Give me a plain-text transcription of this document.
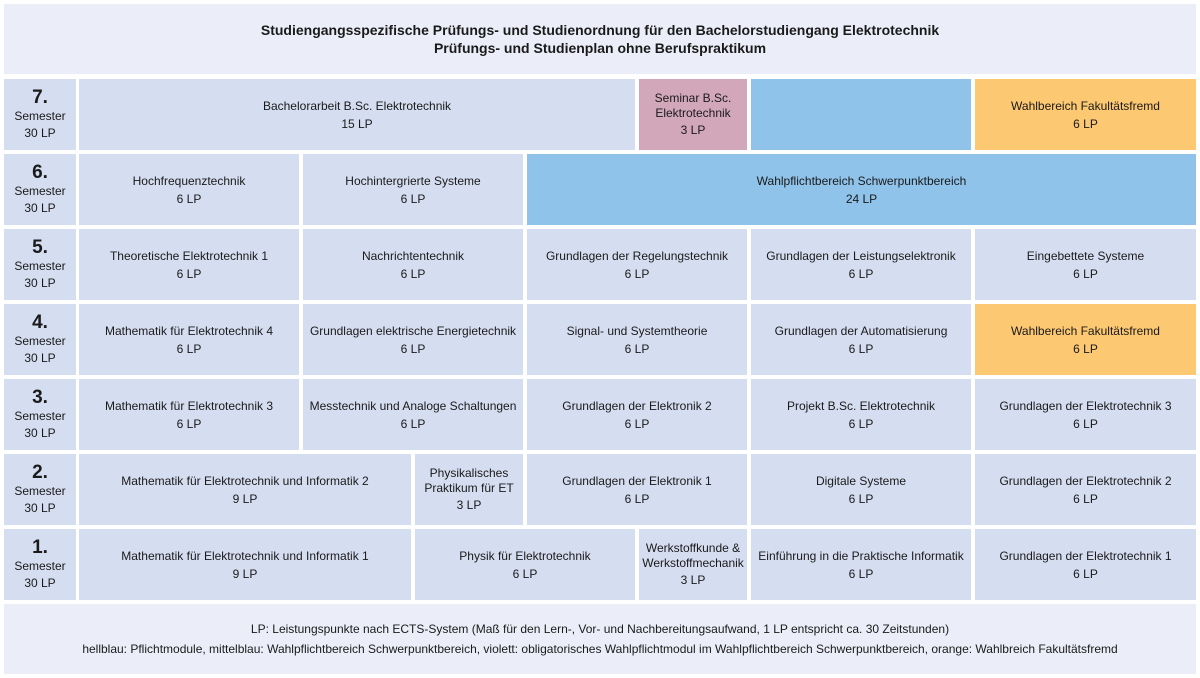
Studiengangsspezifische Prüfungs- und Studienordnung für den Bachelorstudiengang Elektrotechnik
Prüfungs- und Studienplan ohne Berufspraktikum
7.
Semester
30 LP
Bachelorarbeit B.Sc. Elektrotechnik
15 LP
Seminar B.Sc.
Elektrotechnik
3 LP
Wahlbereich Fakultätsfremd
6 LP
6.
Semester
30 LP
Hochfrequenztechnik
6 LP
Hochintergrierte Systeme
6 LP
Wahlpflichtbereich Schwerpunktbereich
24 LP
5.
Semester
30 LP
Theoretische Elektrotechnik 1
6 LP
Nachrichtentechnik
6 LP
Grundlagen der Regelungstechnik
6 LP
Grundlagen der Leistungselektronik
6 LP
Eingebettete Systeme
6 LP
4.
Semester
30 LP
Mathematik für Elektrotechnik 4
6 LP
Grundlagen elektrische Energietechnik
6 LP
Signal- und Systemtheorie
6 LP
Grundlagen der Automatisierung
6 LP
Wahlbereich Fakultätsfremd
6 LP
3.
Semester
30 LP
Mathematik für Elektrotechnik 3
6 LP
Messtechnik und Analoge Schaltungen
6 LP
Grundlagen der Elektronik 2
6 LP
Projekt B.Sc. Elektrotechnik
6 LP
Grundlagen der Elektrotechnik 3
6 LP
2.
Semester
30 LP
Mathematik für Elektrotechnik und Informatik 2
9 LP
Physikalisches
Praktikum für ET
3 LP
Grundlagen der Elektronik 1
6 LP
Digitale Systeme
6 LP
Grundlagen der Elektrotechnik 2
6 LP
1.
Semester
30 LP
Mathematik für Elektrotechnik und Informatik 1
9 LP
Physik für Elektrotechnik
6 LP
Werkstoffkunde &
Werkstoffmechanik
3 LP
Einführung in die Praktische Informatik
6 LP
Grundlagen der Elektrotechnik 1
6 LP
LP: Leistungspunkte nach ECTS-System (Maß für den Lern-, Vor- und Nachbereitungsaufwand, 1 LP entspricht ca. 30 Zeitstunden)
hellblau: Pflichtmodule, mittelblau: Wahlpflichtbereich Schwerpunktbereich, violett: obligatorisches Wahlpflichtmodul im Wahlpflichtbereich Schwerpunktbereich, orange: Wahlbreich Fakultätsfremd
